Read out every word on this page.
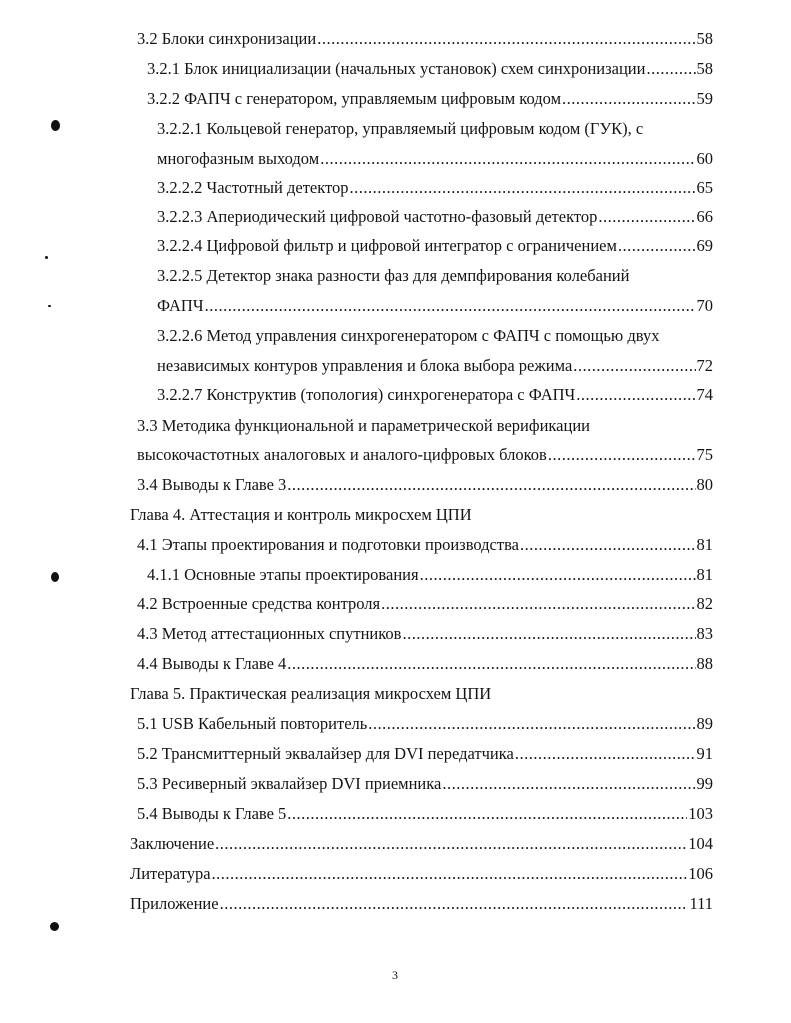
3.2 Блоки синхронизации .....	58
3.2.1 Блок инициализации (начальных установок) схем синхронизации .....	58
3.2.2 ФАПЧ с генератором, управляемым цифровым кодом .....	59
3.2.2.1 Кольцевой генератор, управляемый цифровым кодом (ГУК), с
многофазным выходом .....	60
3.2.2.2 Частотный детектор .....	65
3.2.2.3 Апериодический цифровой частотно-фазовый детектор .....	66
3.2.2.4 Цифровой фильтр и цифровой интегратор с ограничением .....	69
3.2.2.5 Детектор знака разности фаз для демпфирования колебаний
ФАПЧ .....	70
3.2.2.6 Метод управления синхрогенератором с ФАПЧ с помощью двух
независимых контуров управления и блока выбора режима .....	72
3.2.2.7 Конструктив (топология) синхрогенератора с ФАПЧ .....	74
3.3 Методика функциональной и параметрической верификации
высокочастотных аналоговых и аналого-цифровых блоков .....	75
3.4 Выводы к Главе 3 .....	80
Глава 4. Аттестация и контроль микросхем ЦПИ
4.1 Этапы проектирования и подготовки производства .....	81
4.1.1 Основные этапы проектирования .....	81
4.2 Встроенные средства контроля .....	82
4.3 Метод аттестационных спутников .....	83
4.4 Выводы к Главе 4 .....	88
Глава 5. Практическая реализация микросхем ЦПИ
5.1 USB Кабельный повторитель .....	89
5.2 Трансмиттерный эквалайзер для DVI передатчика .....	91
5.3 Ресиверный эквалайзер DVI приемника .....	99
5.4 Выводы к Главе 5 .....	103
Заключение .....	104
Литература .....	106
Приложение .....	111
3
